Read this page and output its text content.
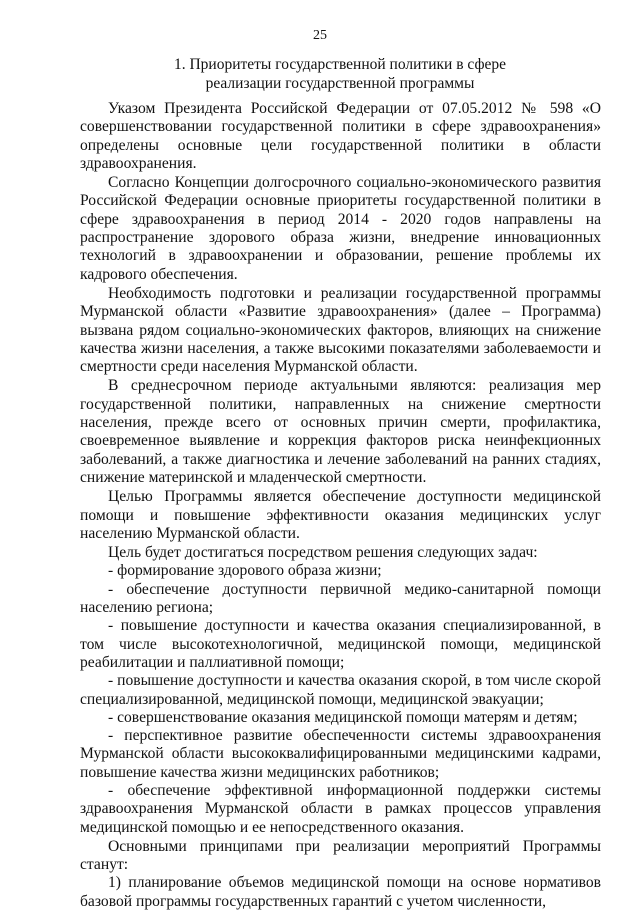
25
1. Приоритеты государственной политики в сфере
реализации государственной программы

Указом Президента Российской Федерации от 07.05.2012 № 598 «О совершенствовании государственной политики в сфере здравоохранения» определены основные цели государственной политики в области здравоохранения.

Согласно Концепции долгосрочного социально-экономического развития Российской Федерации основные приоритеты государственной политики в сфере здравоохранения в период 2014 - 2020 годов направлены на распространение здорового образа жизни, внедрение инновационных технологий в здравоохранении и образовании, решение проблемы их кадрового обеспечения.

Необходимость подготовки и реализации государственной программы Мурманской области «Развитие здравоохранения» (далее – Программа) вызвана рядом социально-экономических факторов, влияющих на снижение качества жизни населения, а также высокими показателями заболеваемости и смертности среди населения Мурманской области.

В среднесрочном периоде актуальными являются: реализация мер государственной политики, направленных на снижение смертности населения, прежде всего от основных причин смерти, профилактика, своевременное выявление и коррекция факторов риска неинфекционных заболеваний, а также диагностика и лечение заболеваний на ранних стадиях, снижение материнской и младенческой смертности.

Целью Программы является обеспечение доступности медицинской помощи и повышение эффективности оказания медицинских услуг населению Мурманской области.

Цель будет достигаться посредством решения следующих задач:

- формирование здорового образа жизни;

- обеспечение доступности первичной медико-санитарной помощи населению региона;

- повышение доступности и качества оказания специализированной, в том числе высокотехнологичной, медицинской помощи, медицинской реабилитации и паллиативной помощи;

- повышение доступности и качества оказания скорой, в том числе скорой специализированной, медицинской помощи, медицинской эвакуации;

- совершенствование оказания медицинской помощи матерям и детям;

- перспективное развитие обеспеченности системы здравоохранения Мурманской области высококвалифицированными медицинскими кадрами, повышение качества жизни медицинских работников;

- обеспечение эффективной информационной поддержки системы здравоохранения Мурманской области в рамках процессов управления медицинской помощью и ее непосредственного оказания.

Основными принципами при реализации мероприятий Программы станут:

1) планирование объемов медицинской помощи на основе нормативов базовой программы государственных гарантий с учетом численности,
